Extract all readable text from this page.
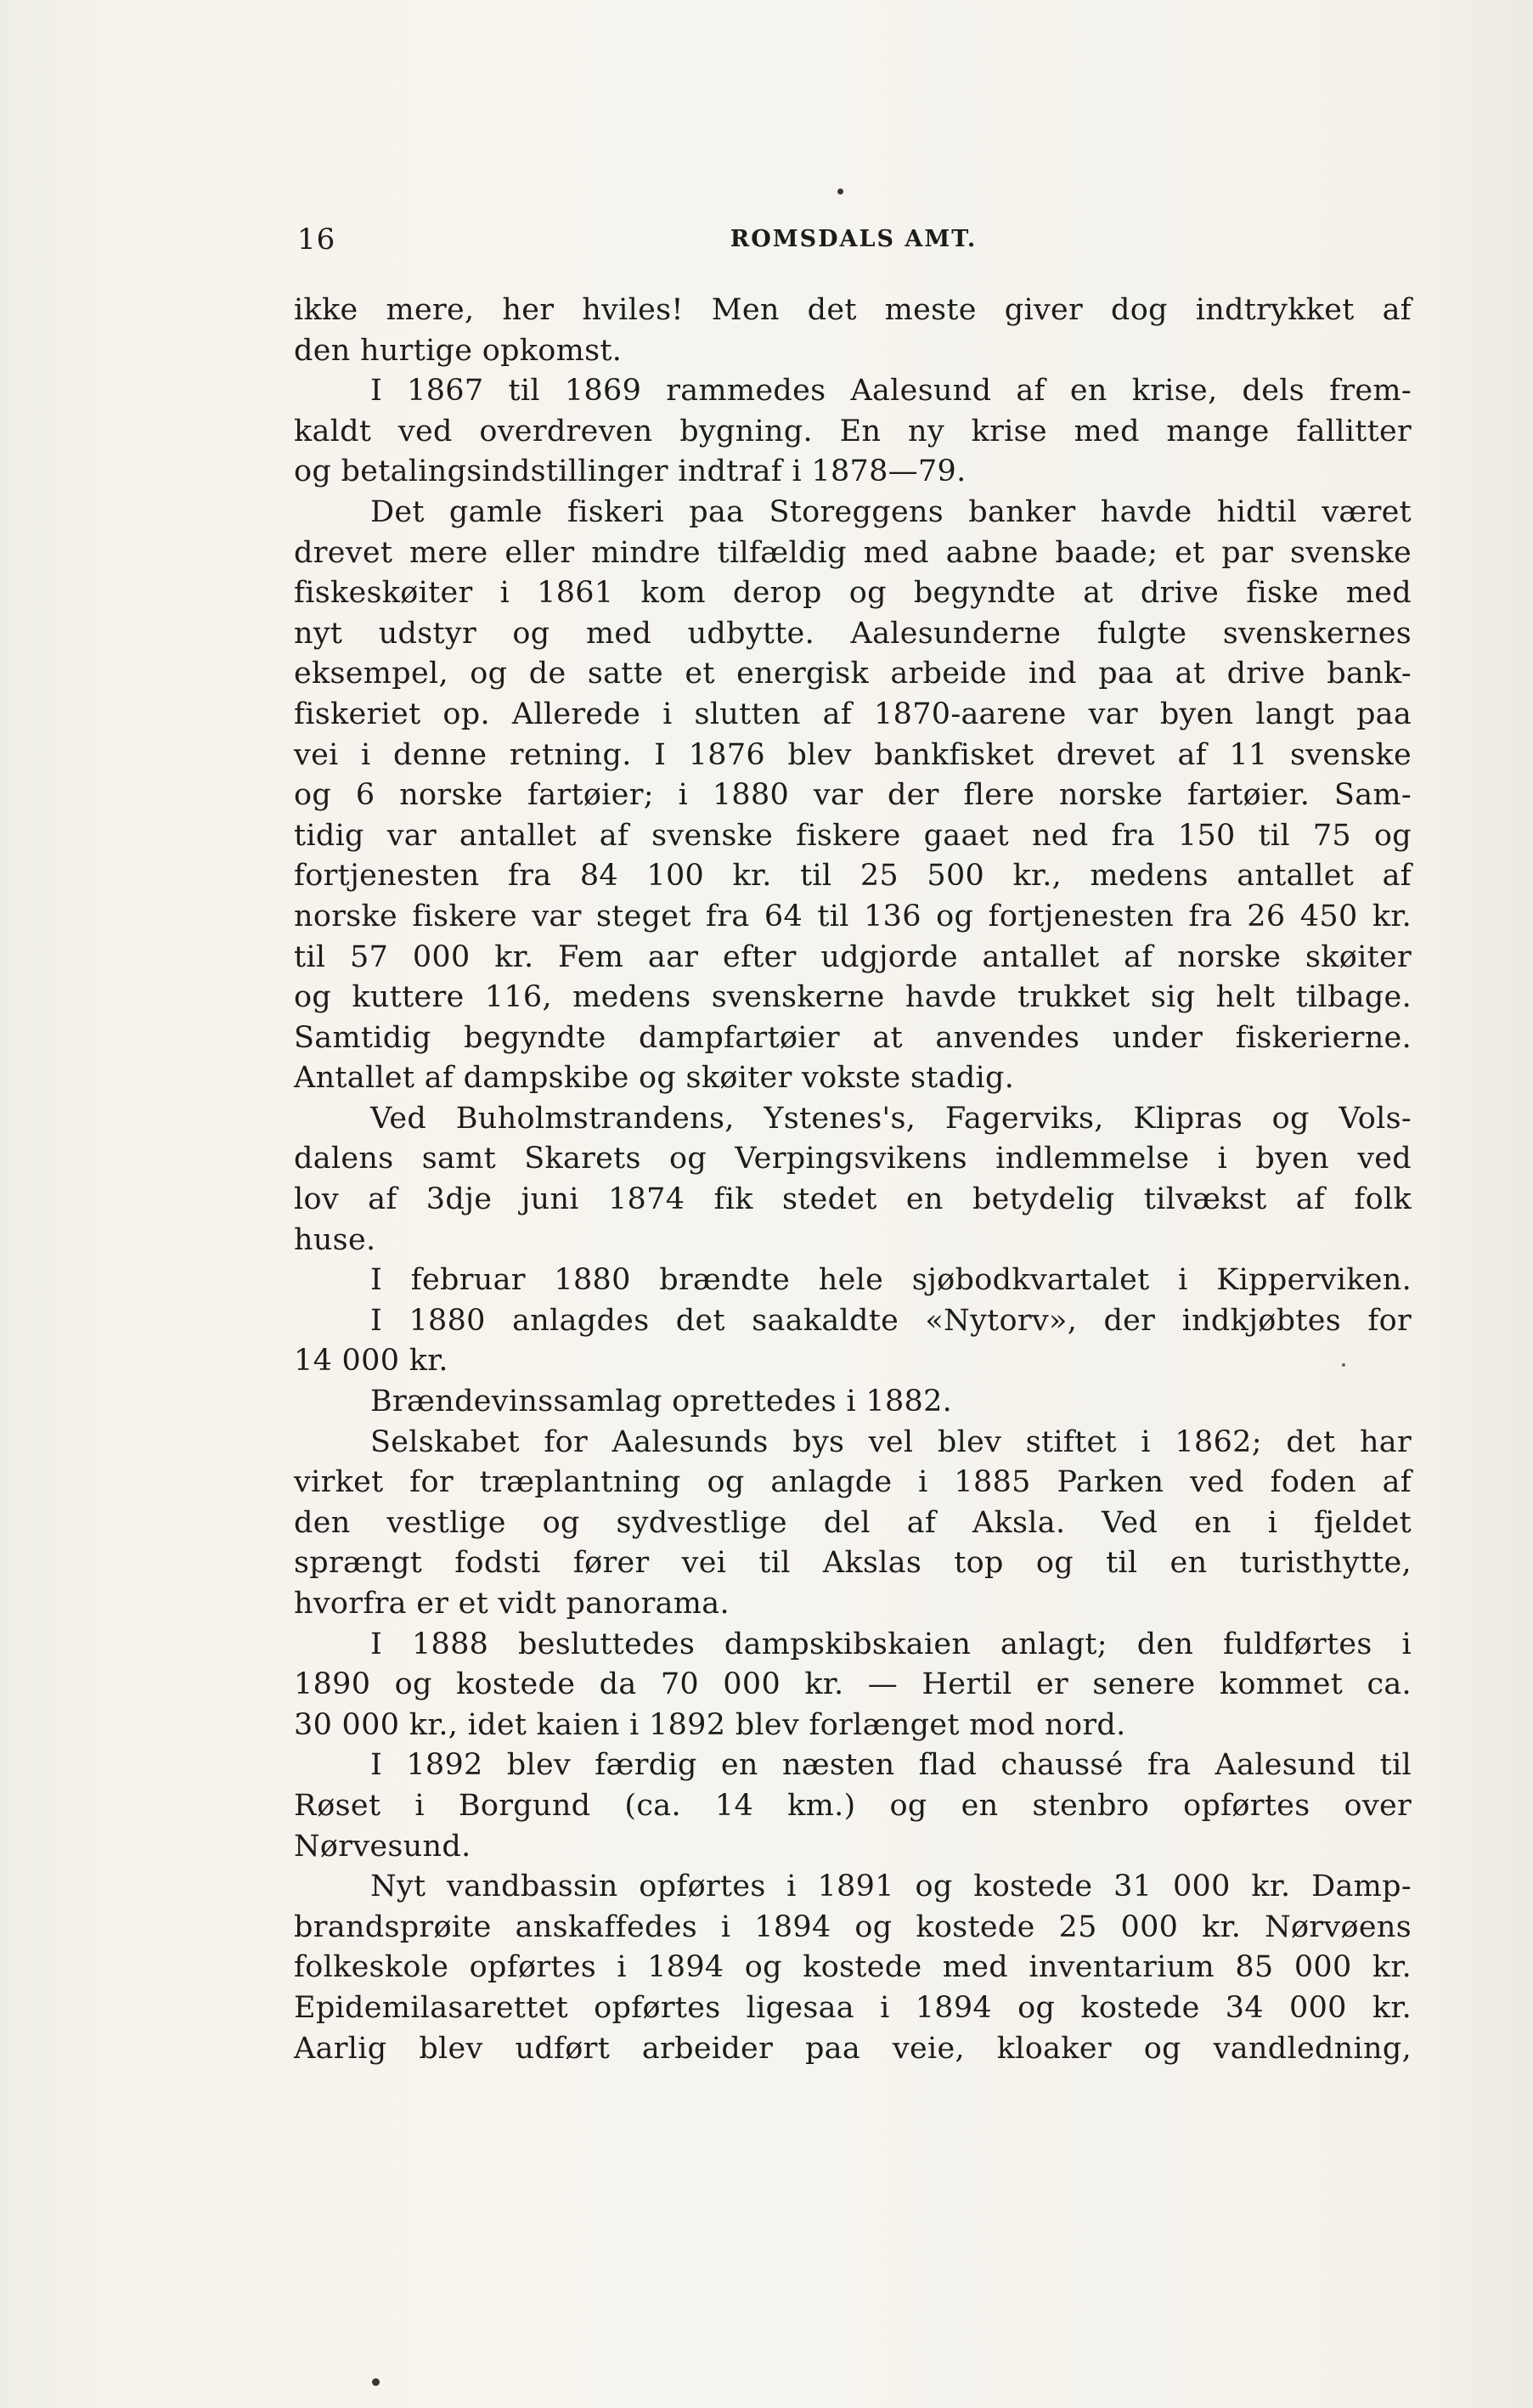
16	ROMSDALS AMT.
ikke mere, her hviles! Men det meste giver dog indtrykket af
den hurtige opkomst.
I 1867 til 1869 rammedes Aalesund af en krise, dels frem-
kaldt ved overdreven bygning. En ny krise med mange fallitter
og betalingsindstillinger indtraf i 1878—79.
Det gamle fiskeri paa Storeggens banker havde hidtil været
drevet mere eller mindre tilfældig med aabne baade; et par svenske
fiskeskøiter i 1861 kom derop og begyndte at drive fiske med
nyt udstyr og med udbytte. Aalesunderne fulgte svenskernes
eksempel, og de satte et energisk arbeide ind paa at drive bank-
fiskeriet op. Allerede i slutten af 1870-aarene var byen langt paa
vei i denne retning. I 1876 blev bankfisket drevet af 11 svenske
og 6 norske fartøier; i 1880 var der flere norske fartøier. Sam-
tidig var antallet af svenske fiskere gaaet ned fra 150 til 75 og
fortjenesten fra 84 100 kr. til 25 500 kr., medens antallet af
norske fiskere var steget fra 64 til 136 og fortjenesten fra 26 450 kr.
til 57 000 kr. Fem aar efter udgjorde antallet af norske skøiter
og kuttere 116, medens svenskerne havde trukket sig helt tilbage.
Samtidig begyndte dampfartøier at anvendes under fiskerierne.
Antallet af dampskibe og skøiter vokste stadig.
Ved Buholmstrandens, Ystenes's, Fagerviks, Klipras og Vols-
dalens samt Skarets og Verpingsvikens indlemmelse i byen ved
lov af 3dje juni 1874 fik stedet en betydelig tilvækst af folk
huse.
I februar 1880 brændte hele sjøbodkvartalet i Kipperviken.
I 1880 anlagdes det saakaldte «Nytorv», der indkjøbtes for
14 000 kr.
Brændevinssamlag oprettedes i 1882.
Selskabet for Aalesunds bys vel blev stiftet i 1862; det har
virket for træplantning og anlagde i 1885 Parken ved foden af
den vestlige og sydvestlige del af Aksla. Ved en i fjeldet
sprængt fodsti fører vei til Akslas top og til en turisthytte,
hvorfra er et vidt panorama.
I 1888 besluttedes dampskibskaien anlagt; den fuldførtes i
1890 og kostede da 70 000 kr. — Hertil er senere kommet ca.
30 000 kr., idet kaien i 1892 blev forlænget mod nord.
I 1892 blev færdig en næsten flad chaussé fra Aalesund til
Røset i Borgund (ca. 14 km.) og en stenbro opførtes over
Nørvesund.
Nyt vandbassin opførtes i 1891 og kostede 31 000 kr. Damp-
brandsprøite anskaffedes i 1894 og kostede 25 000 kr. Nørvøens
folkeskole opførtes i 1894 og kostede med inventarium 85 000 kr.
Epidemilasarettet opførtes ligesaa i 1894 og kostede 34 000 kr.
Aarlig blev udført arbeider paa veie, kloaker og vandledning,
